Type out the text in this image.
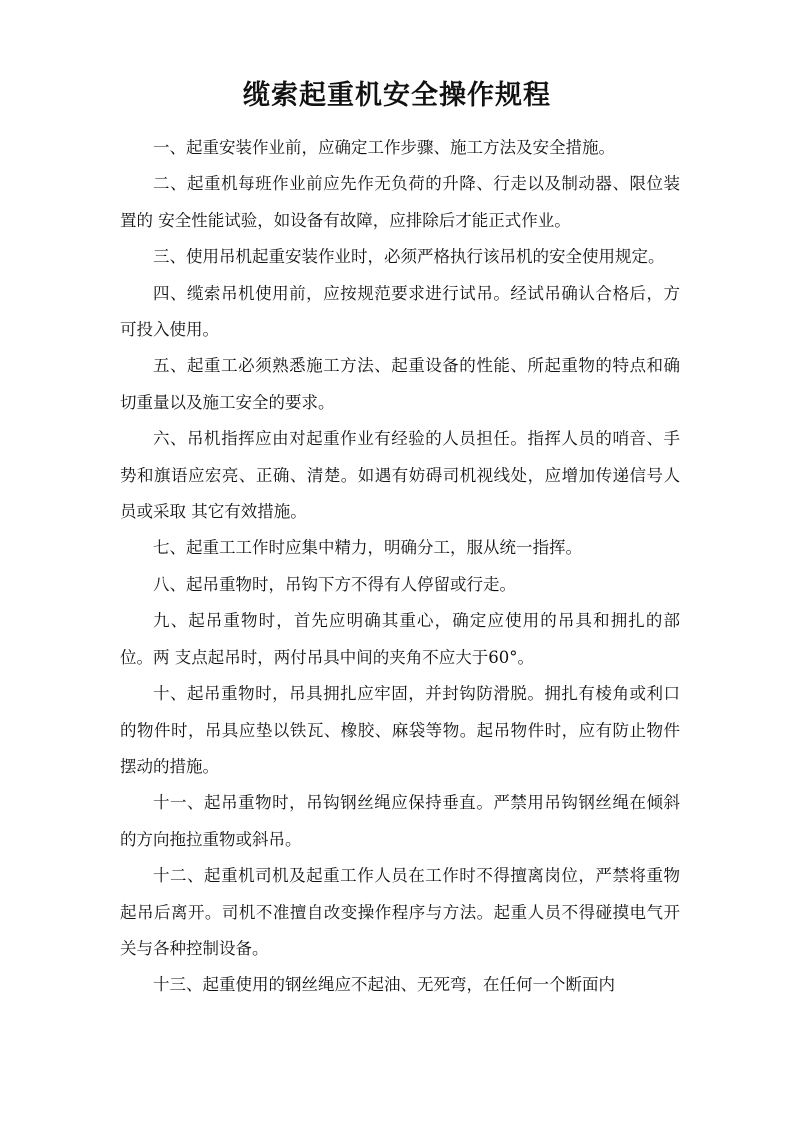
缆索起重机安全操作规程

一、起重安装作业前，应确定工作步骤、施工方法及安全措施。

二、起重机每班作业前应先作无负荷的升降、行走以及制动器、限位装置的 安全性能试验，如设备有故障，应排除后才能正式作业。

三、使用吊机起重安装作业时，必须严格执行该吊机的安全使用规定。

四、缆索吊机使用前，应按规范要求进行试吊。经试吊确认合格后，方可投入使用。

五、起重工必须熟悉施工方法、起重设备的性能、所起重物的特点和确切重量以及施工安全的要求。

六、吊机指挥应由对起重作业有经验的人员担任。指挥人员的哨音、手势和旗语应宏亮、正确、清楚。如遇有妨碍司机视线处，应增加传递信号人员或采取 其它有效措施。

七、起重工工作时应集中精力，明确分工，服从统一指挥。

八、起吊重物时，吊钩下方不得有人停留或行走。

九、起吊重物时，首先应明确其重心，确定应使用的吊具和拥扎的部位。两 支点起吊时，两付吊具中间的夹角不应大于60°。

十、起吊重物时，吊具拥扎应牢固，并封钩防滑脱。拥扎有棱角或利口的物件时，吊具应垫以铁瓦、橡胶、麻袋等物。起吊物件时，应有防止物件摆动的措施。

十一、起吊重物时，吊钩钢丝绳应保持垂直。严禁用吊钩钢丝绳在倾斜的方向拖拉重物或斜吊。

十二、起重机司机及起重工作人员在工作时不得擅离岗位，严禁将重物起吊后离开。司机不准擅自改变操作程序与方法。起重人员不得碰摸电气开关与各种控制设备。

十三、起重使用的钢丝绳应不起油、无死弯，在任何一个断面内
